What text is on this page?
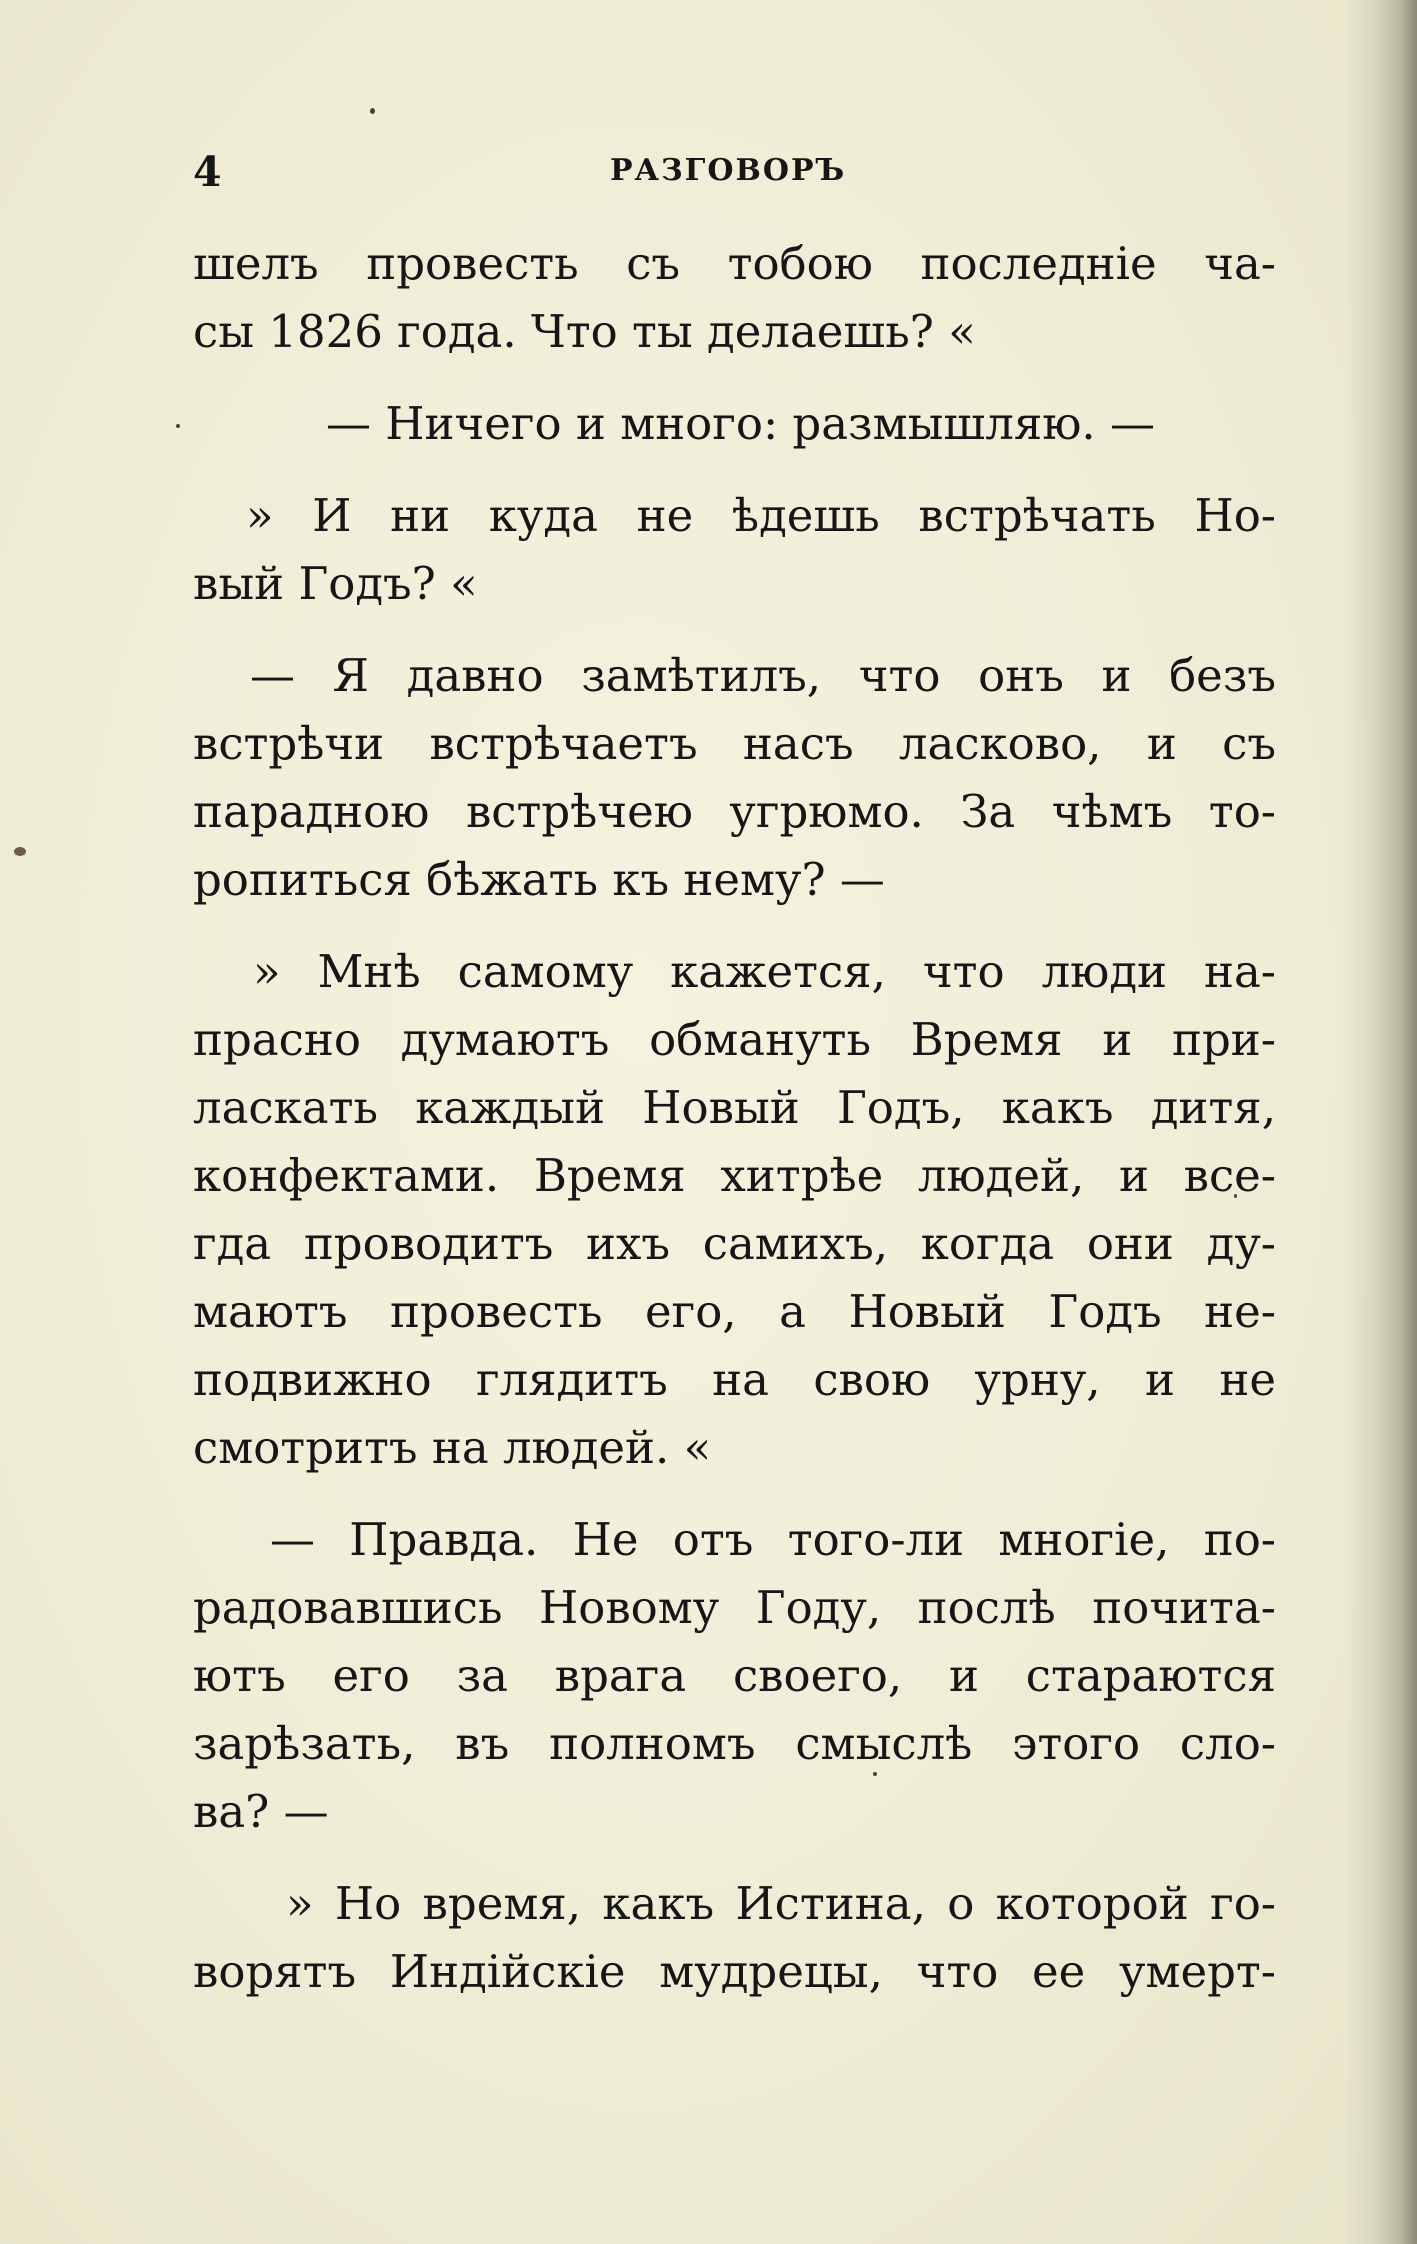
4	РАЗГОВОРЪ
шелъ провесть съ тобою последніе ча-
сы 1826 года. Что ты делаешь? «
— Ничего и много: размышляю. —
» И ни куда не ѣдешь встрѣчать Но-
вый Годъ? «
— Я давно замѣтилъ, что онъ и безъ
встрѣчи встрѣчаетъ насъ ласково, и съ
парадною встрѣчею угрюмо. За чѣмъ то-
ропиться бѣжать къ нему? —
» Мнѣ самому кажется, что люди на-
прасно думаютъ обмануть Время и при-
ласкать каждый Новый Годъ, какъ дитя,
конфектами. Время хитрѣе людей, и все-
гда проводитъ ихъ самихъ, когда они ду-
маютъ провесть его, а Новый Годъ не-
подвижно глядитъ на свою урну, и не
смотритъ на людей. «
— Правда. Не отъ того-ли многіе, по-
радовавшись Новому Году, послѣ почита-
ютъ его за врага своего, и стараются
зарѣзать, въ полномъ смыслѣ этого сло-
ва? —
» Но время, какъ Истина, о которой го-
ворятъ Индійскіе мудрецы, что ее умерт-
